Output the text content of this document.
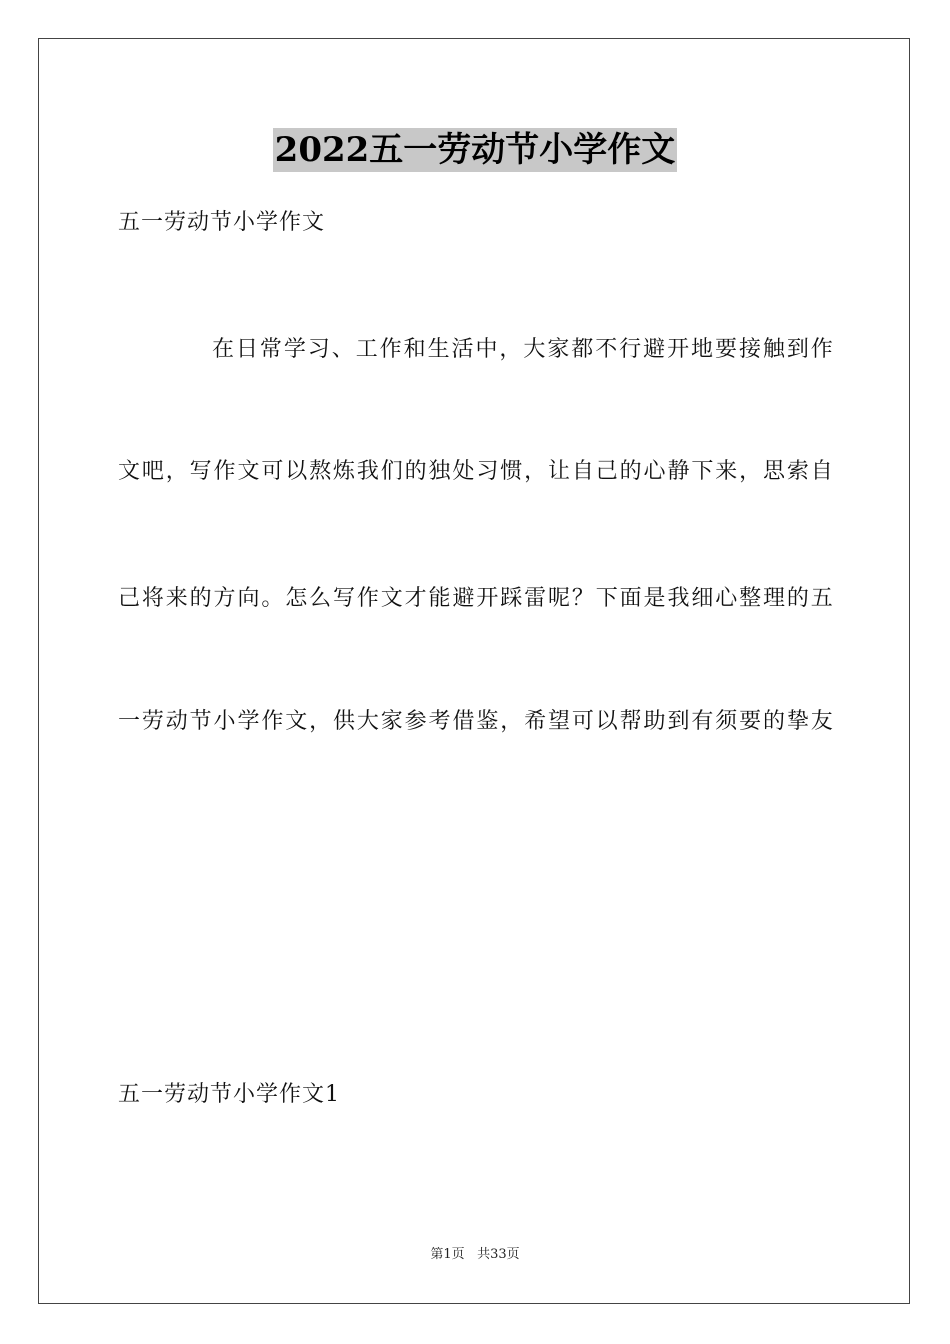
2022五一劳动节小学作文

五一劳动节小学作文

在日常学习、工作和生活中，大家都不行避开地要接触到作

文吧，写作文可以熬炼我们的独处习惯，让自己的心静下来，思索自

己将来的方向。怎么写作文才能避开踩雷呢？下面是我细心整理的五

一劳动节小学作文，供大家参考借鉴，希望可以帮助到有须要的挚友

五一劳动节小学作文1

第1页 共33页
